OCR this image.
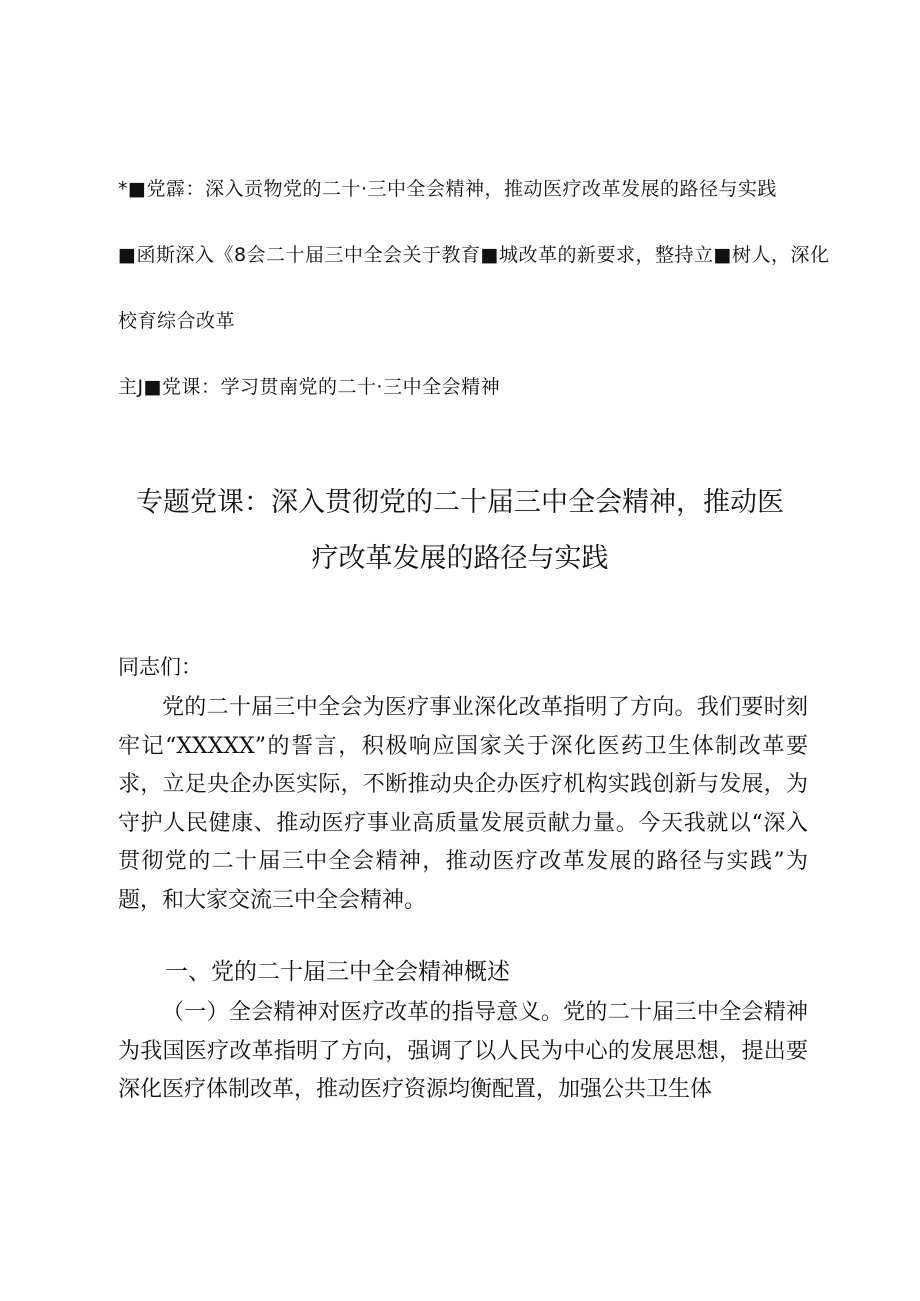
*■党霹：深入贡物党的二十·三中全会精神，推动医疗改革发展的路径与实践
■函斯深入《8会二十届三中全会关于教育■城改革的新要求，整持立■树人，深化
校育综合改革
主J■党课：学习贯南党的二十·三中全会精神
专题党课：深入贯彻党的二十届三中全会精神，推动医
疗改革发展的路径与实践
同志们：
党的二十届三中全会为医疗事业深化改革指明了方向。我们要时刻牢记“XXXXX”的誓言，积极响应国家关于深化医药卫生体制改革要求，立足央企办医实际，不断推动央企办医疗机构实践创新与发展，为守护人民健康、推动医疗事业高质量发展贡献力量。今天我就以“深入贯彻党的二十届三中全会精神，推动医疗改革发展的路径与实践”为题，和大家交流三中全会精神。
一、党的二十届三中全会精神概述
（一）全会精神对医疗改革的指导意义。党的二十届三中全会精神为我国医疗改革指明了方向，强调了以人民为中心的发展思想，提出要深化医疗体制改革，推动医疗资源均衡配置，加强公共卫生体
